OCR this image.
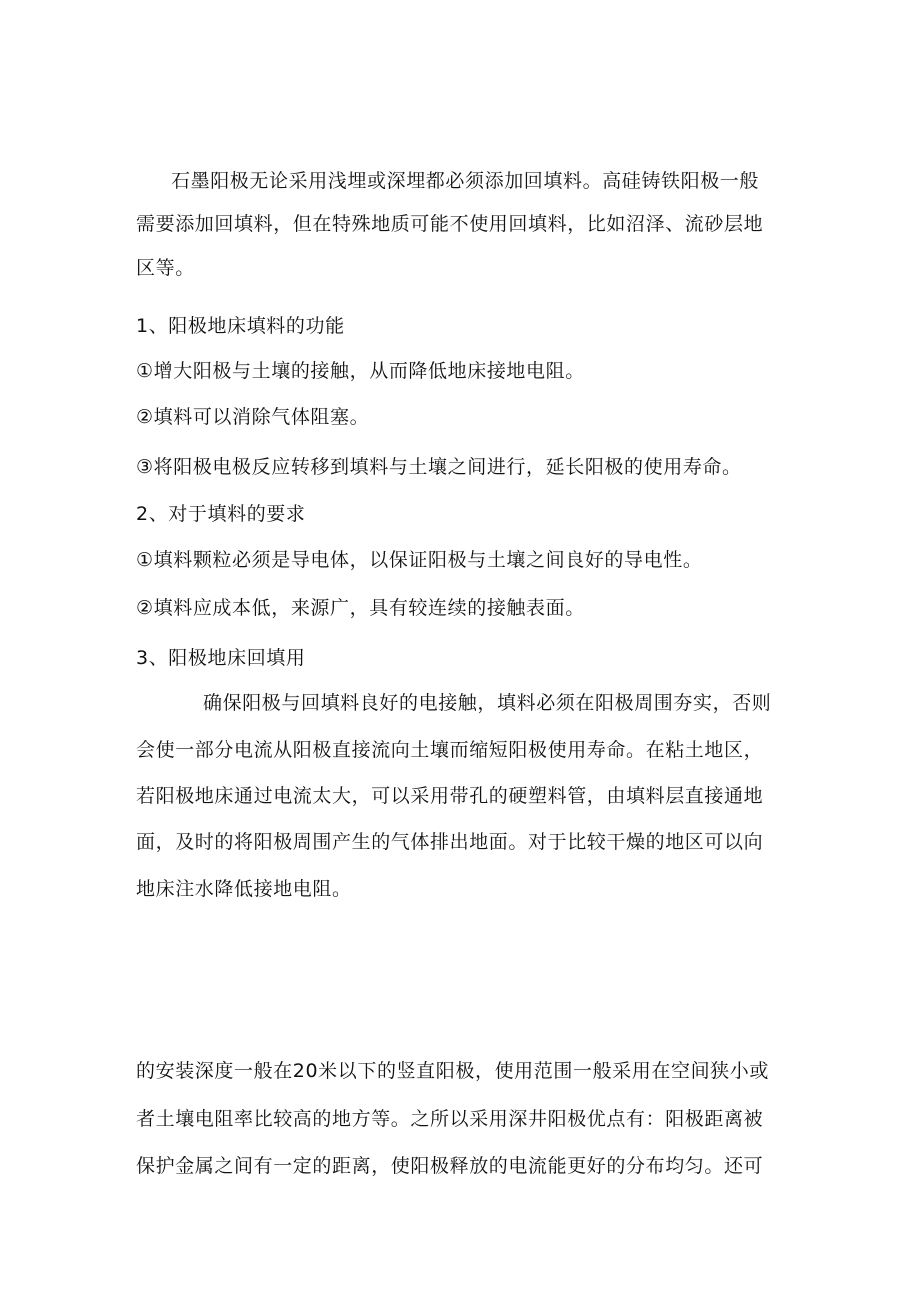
石墨阳极无论采用浅埋或深埋都必须添加回填料。高硅铸铁阳极一般
需要添加回填料，但在特殊地质可能不使用回填料，比如沼泽、流砂层地
区等。
1、阳极地床填料的功能
①增大阳极与土壤的接触，从而降低地床接地电阻。
②填料可以消除气体阻塞。
③将阳极电极反应转移到填料与土壤之间进行，延长阳极的使用寿命。
2、对于填料的要求
①填料颗粒必须是导电体，以保证阳极与土壤之间良好的导电性。
②填料应成本低，来源广，具有较连续的接触表面。
3、阳极地床回填用
确保阳极与回填料良好的电接触，填料必须在阳极周围夯实，否则
会使一部分电流从阳极直接流向土壤而缩短阳极使用寿命。在粘土地区，
若阳极地床通过电流太大，可以采用带孔的硬塑料管，由填料层直接通地
面，及时的将阳极周围产生的气体排出地面。对于比较干燥的地区可以向
地床注水降低接地电阻。
的安装深度一般在20米以下的竖直阳极，使用范围一般采用在空间狭小或
者土壤电阻率比较高的地方等。之所以采用深井阳极优点有：阳极距离被
保护金属之间有一定的距离，使阳极释放的电流能更好的分布均匀。还可
